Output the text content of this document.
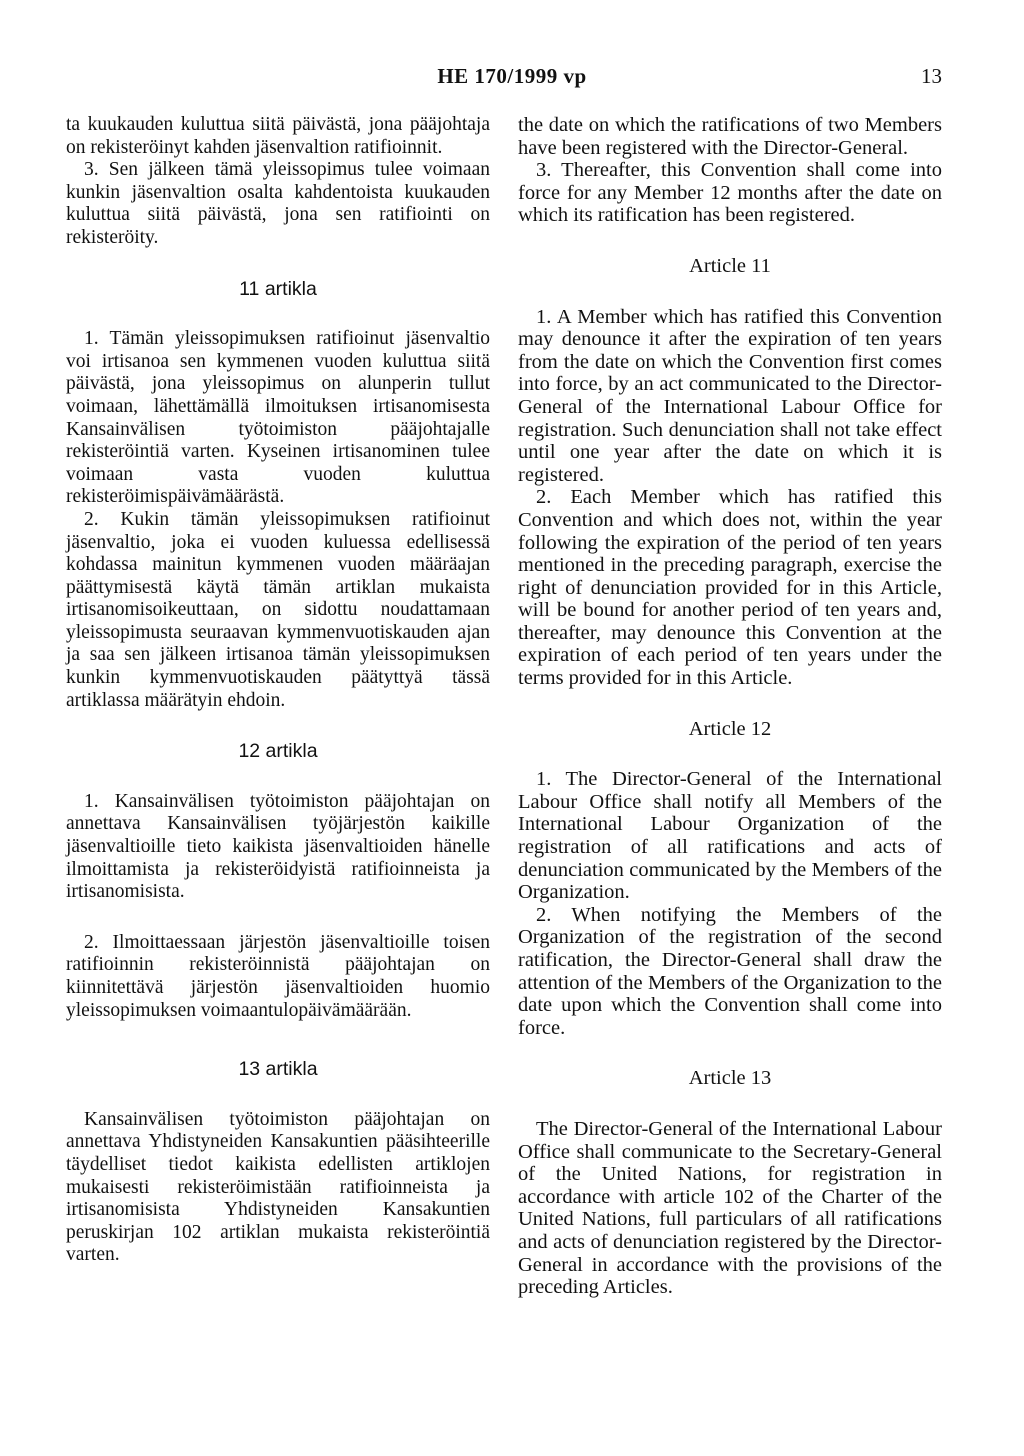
HE 170/1999 vp	13

ta kuukauden kuluttua siitä päivästä, jona pääjohtaja on rekisteröinyt kahden jäsenvaltion ratifioinnit.

3. Sen jälkeen tämä yleissopimus tulee voimaan kunkin jäsenvaltion osalta kahdentoista kuukauden kuluttua siitä päivästä, jona sen ratifiointi on rekisteröity.

11 artikla

1. Tämän yleissopimuksen ratifioinut jäsenvaltio voi irtisanoa sen kymmenen vuoden kuluttua siitä päivästä, jona yleissopimus on alunperin tullut voimaan, lähettämällä ilmoituksen irtisanomisesta Kansainvälisen työtoimiston pääjohtajalle rekisteröintiä varten. Kyseinen irtisanominen tulee voimaan vasta vuoden kuluttua rekisteröimispäivämäärästä.

2. Kukin tämän yleissopimuksen ratifioinut jäsenvaltio, joka ei vuoden kuluessa edellisessä kohdassa mainitun kymmenen vuoden määräajan päättymisestä käytä tämän artiklan mukaista irtisanomisoikeuttaan, on sidottu noudattamaan yleissopimusta seuraavan kymmenvuotiskauden ajan ja saa sen jälkeen irtisanoa tämän yleissopimuksen kunkin kymmenvuotiskauden päätyttyä tässä artiklassa määrätyin ehdoin.

12 artikla

1. Kansainvälisen työtoimiston pääjohtajan on annettava Kansainvälisen työjärjestön kaikille jäsenvaltioille tieto kaikista jäsenvaltioiden hänelle ilmoittamista ja rekisteröidyistä ratifioinneista ja irtisanomisista.

2. Ilmoittaessaan järjestön jäsenvaltioille toisen ratifioinnin rekisteröinnistä pääjohtajan on kiinnitettävä järjestön jäsenvaltioiden huomio yleissopimuksen voimaantulopäivämäärään.

13 artikla

Kansainvälisen työtoimiston pääjohtajan on annettava Yhdistyneiden Kansakuntien pääsihteerille täydelliset tiedot kaikista edellisten artiklojen mukaisesti rekisteröimistään ratifioinneista ja irtisanomisista Yhdistyneiden Kansakuntien peruskirjan 102 artiklan mukaista rekisteröintiä varten.

the date on which the ratifications of two Members have been registered with the Director-General.

3. Thereafter, this Convention shall come into force for any Member 12 months after the date on which its ratification has been registered.

Article 11

1. A Member which has ratified this Convention may denounce it after the expiration of ten years from the date on which the Convention first comes into force, by an act communicated to the Director-General of the International Labour Office for registration. Such denunciation shall not take effect until one year after the date on which it is registered.

2. Each Member which has ratified this Convention and which does not, within the year following the expiration of the period of ten years mentioned in the preceding paragraph, exercise the right of denunciation provided for in this Article, will be bound for another period of ten years and, thereafter, may denounce this Convention at the expiration of each period of ten years under the terms provided for in this Article.

Article 12

1. The Director-General of the International Labour Office shall notify all Members of the International Labour Organization of the registration of all ratifications and acts of denunciation communicated by the Members of the Organization.

2. When notifying the Members of the Organization of the registration of the second ratification, the Director-General shall draw the attention of the Members of the Organization to the date upon which the Convention shall come into force.

Article 13

The Director-General of the International Labour Office shall communicate to the Secretary-General of the United Nations, for registration in accordance with article 102 of the Charter of the United Nations, full particulars of all ratifications and acts of denunciation registered by the Director-General in accordance with the provisions of the preceding Articles.
